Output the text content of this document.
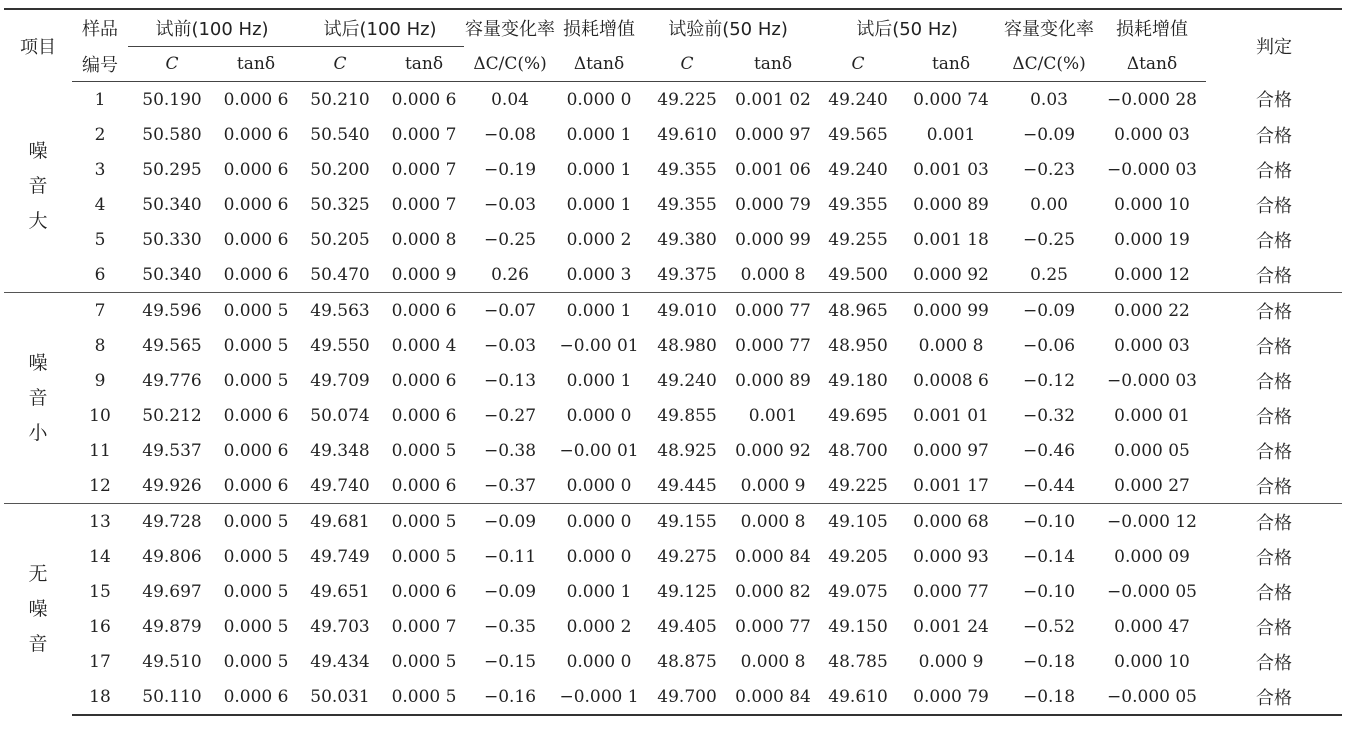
项目	样品	试前(100 Hz)		试后(100 Hz)		容量变化率	损耗增值	试验前(50 Hz)		试后(50 Hz)		容量变化率	损耗增值	判定
	编号	C	tanδ	C	tanδ	ΔC/C(%)	Δtanδ	C	tanδ	C	tanδ	ΔC/C(%)	Δtanδ	

噪
音
大	1	50.190	0.000 6	50.210	0.000 6	0.04	0.000 0	49.225	0.001 02	49.240	0.000 74	0.03	−0.000 28	合格
	2	50.580	0.000 6	50.540	0.000 7	−0.08	0.000 1	49.610	0.000 97	49.565	0.001	−0.09	0.000 03	合格
	3	50.295	0.000 6	50.200	0.000 7	−0.19	0.000 1	49.355	0.001 06	49.240	0.001 03	−0.23	−0.000 03	合格
	4	50.340	0.000 6	50.325	0.000 7	−0.03	0.000 1	49.355	0.000 79	49.355	0.000 89	0.00	0.000 10	合格
	5	50.330	0.000 6	50.205	0.000 8	−0.25	0.000 2	49.380	0.000 99	49.255	0.001 18	−0.25	0.000 19	合格
	6	50.340	0.000 6	50.470	0.000 9	0.26	0.000 3	49.375	0.000 8	49.500	0.000 92	0.25	0.000 12	合格

噪
音
小	7	49.596	0.000 5	49.563	0.000 6	−0.07	0.000 1	49.010	0.000 77	48.965	0.000 99	−0.09	0.000 22	合格
	8	49.565	0.000 5	49.550	0.000 4	−0.03	−0.00 01	48.980	0.000 77	48.950	0.000 8	−0.06	0.000 03	合格
	9	49.776	0.000 5	49.709	0.000 6	−0.13	0.000 1	49.240	0.000 89	49.180	0.0008 6	−0.12	−0.000 03	合格
	10	50.212	0.000 6	50.074	0.000 6	−0.27	0.000 0	49.855	0.001	49.695	0.001 01	−0.32	0.000 01	合格
	11	49.537	0.000 6	49.348	0.000 5	−0.38	−0.00 01	48.925	0.000 92	48.700	0.000 97	−0.46	0.000 05	合格
	12	49.926	0.000 6	49.740	0.000 6	−0.37	0.000 0	49.445	0.000 9	49.225	0.001 17	−0.44	0.000 27	合格

无
噪
音	13	49.728	0.000 5	49.681	0.000 5	−0.09	0.000 0	49.155	0.000 8	49.105	0.000 68	−0.10	−0.000 12	合格
	14	49.806	0.000 5	49.749	0.000 5	−0.11	0.000 0	49.275	0.000 84	49.205	0.000 93	−0.14	0.000 09	合格
	15	49.697	0.000 5	49.651	0.000 6	−0.09	0.000 1	49.125	0.000 82	49.075	0.000 77	−0.10	−0.000 05	合格
	16	49.879	0.000 5	49.703	0.000 7	−0.35	0.000 2	49.405	0.000 77	49.150	0.001 24	−0.52	0.000 47	合格
	17	49.510	0.000 5	49.434	0.000 5	−0.15	0.000 0	48.875	0.000 8	48.785	0.000 9	−0.18	0.000 10	合格
	18	50.110	0.000 6	50.031	0.000 5	−0.16	−0.000 1	49.700	0.000 84	49.610	0.000 79	−0.18	−0.000 05	合格
